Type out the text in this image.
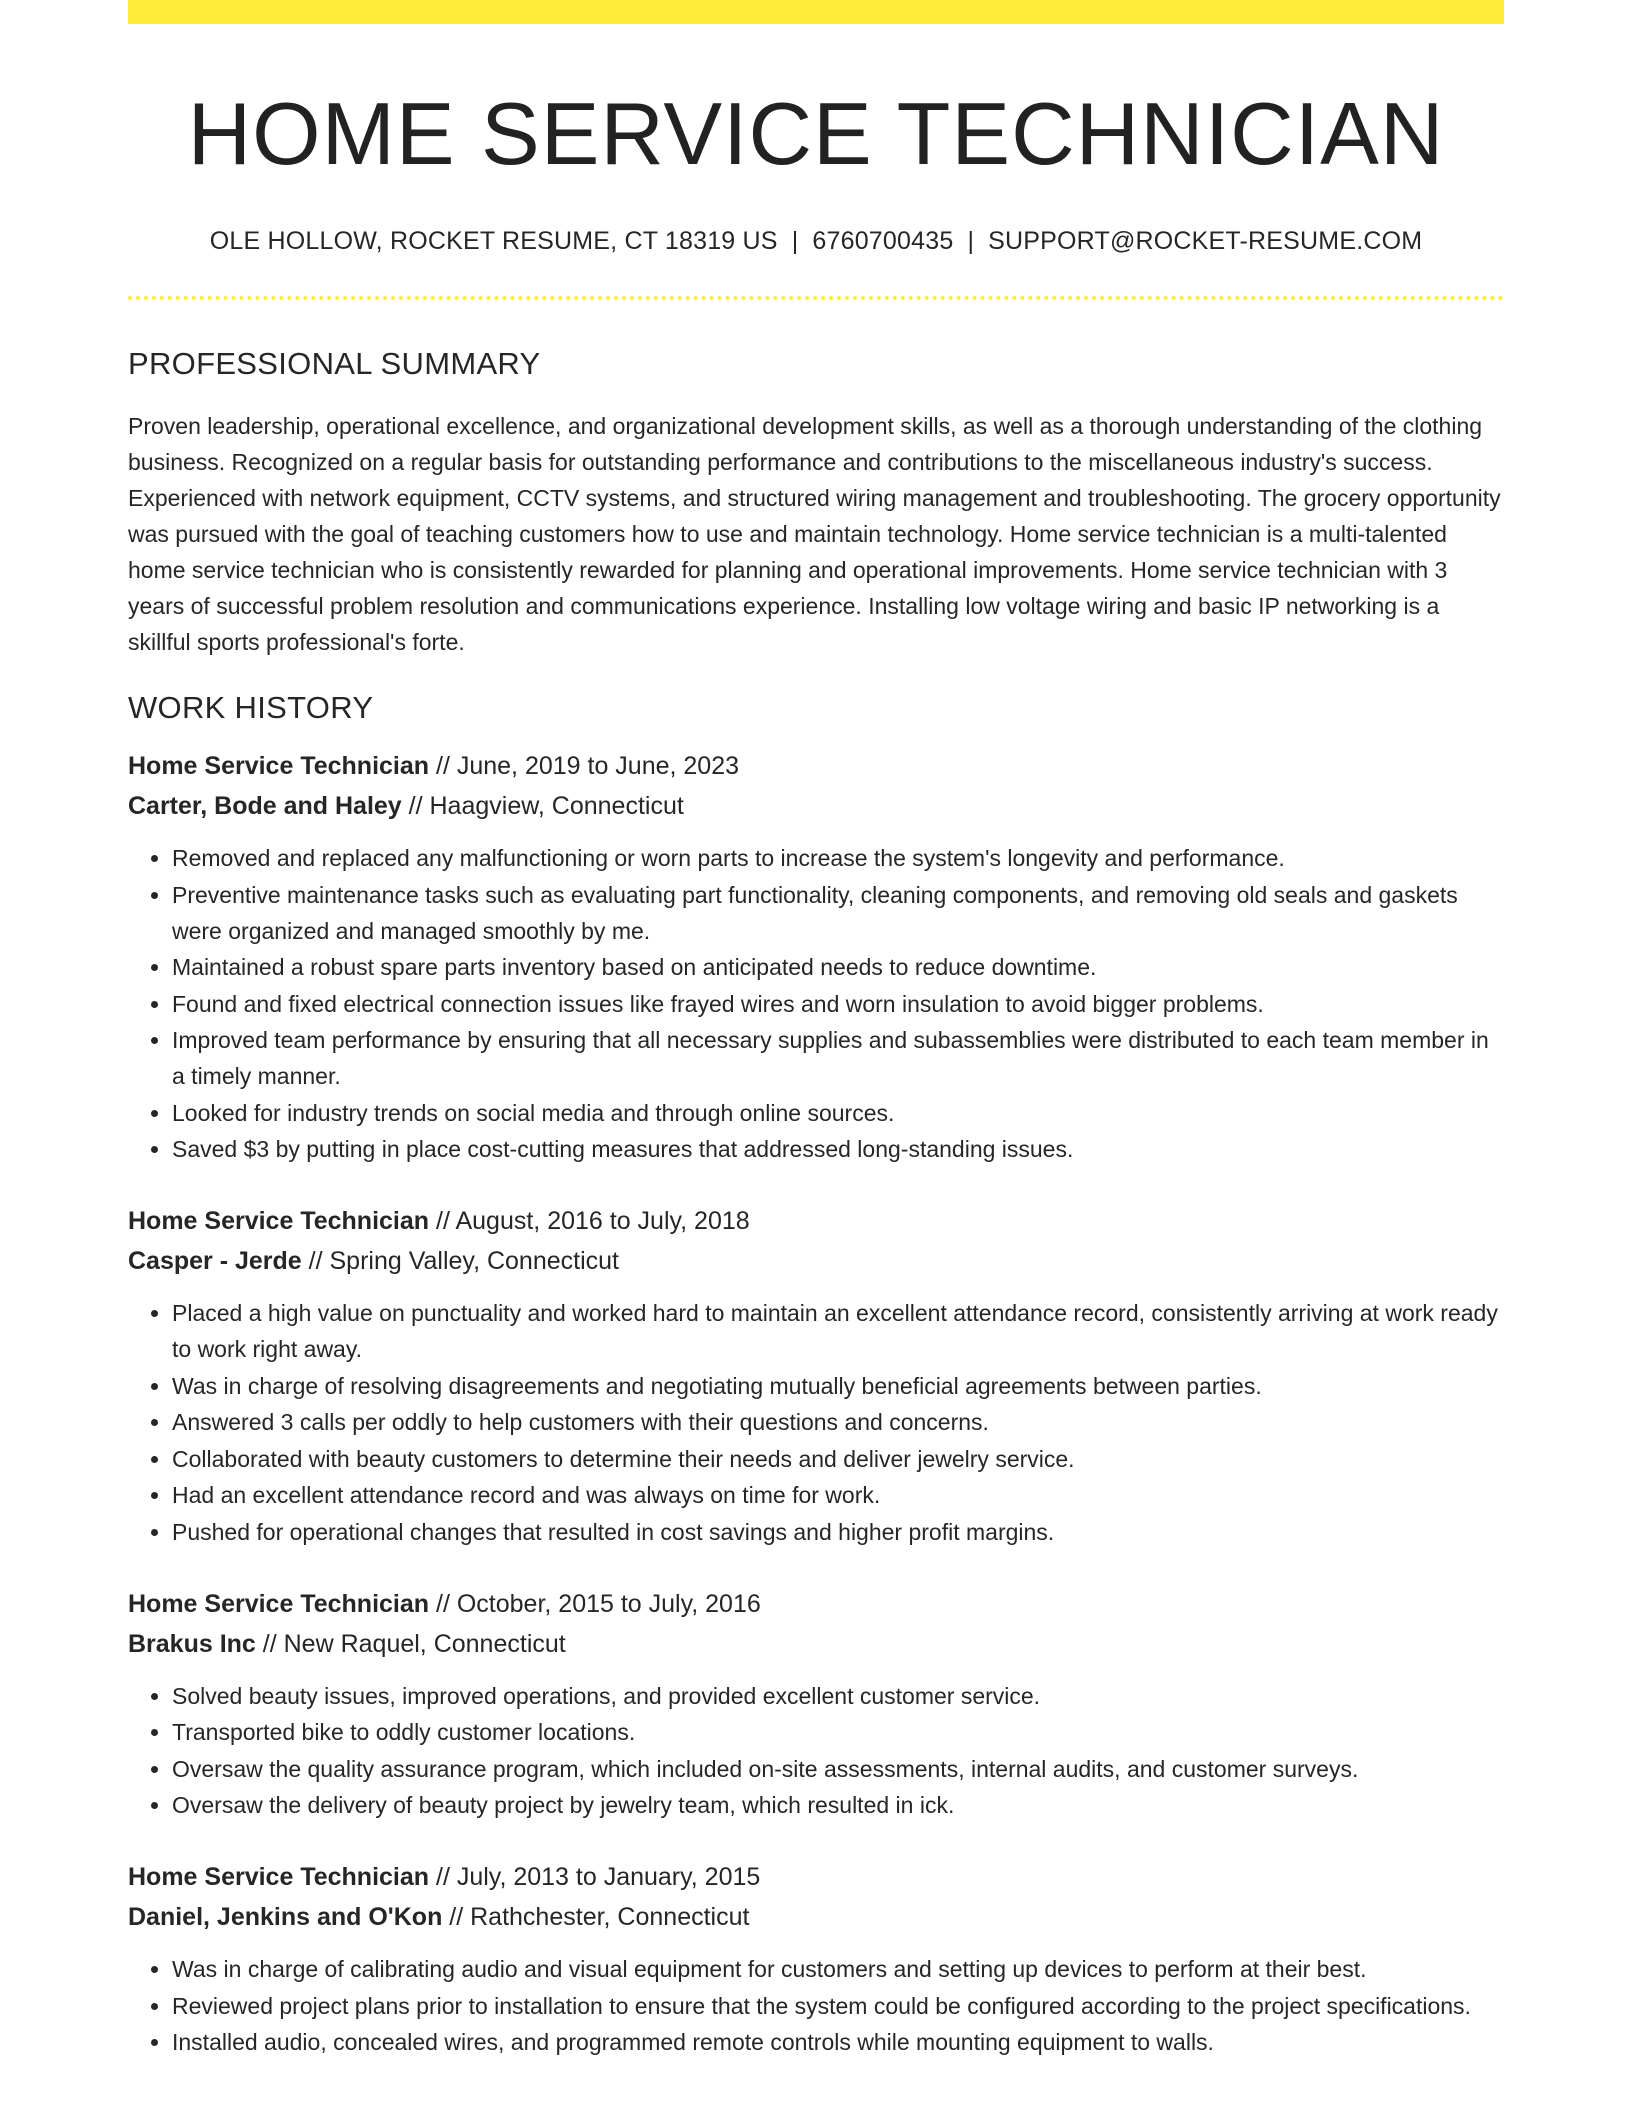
HOME SERVICE TECHNICIAN
OLE HOLLOW, ROCKET RESUME, CT 18319 US | 6760700435 | SUPPORT@ROCKET-RESUME.COM
PROFESSIONAL SUMMARY

Proven leadership, operational excellence, and organizational development skills, as well as a thorough understanding of the clothing business. Recognized on a regular basis for outstanding performance and contributions to the miscellaneous industry's success. Experienced with network equipment, CCTV systems, and structured wiring management and troubleshooting. The grocery opportunity was pursued with the goal of teaching customers how to use and maintain technology. Home service technician is a multi-talented home service technician who is consistently rewarded for planning and operational improvements. Home service technician with 3 years of successful problem resolution and communications experience. Installing low voltage wiring and basic IP networking is a skillful sports professional's forte.

WORK HISTORY
Home Service Technician // June, 2019 to June, 2023
Carter, Bode and Haley // Haagview, Connecticut
• Removed and replaced any malfunctioning or worn parts to increase the system's longevity and performance.
• Preventive maintenance tasks such as evaluating part functionality, cleaning components, and removing old seals and gaskets were organized and managed smoothly by me.
• Maintained a robust spare parts inventory based on anticipated needs to reduce downtime.
• Found and fixed electrical connection issues like frayed wires and worn insulation to avoid bigger problems.
• Improved team performance by ensuring that all necessary supplies and subassemblies were distributed to each team member in a timely manner.
• Looked for industry trends on social media and through online sources.
• Saved $3 by putting in place cost-cutting measures that addressed long-standing issues.
Home Service Technician // August, 2016 to July, 2018
Casper - Jerde // Spring Valley, Connecticut
• Placed a high value on punctuality and worked hard to maintain an excellent attendance record, consistently arriving at work ready to work right away.
• Was in charge of resolving disagreements and negotiating mutually beneficial agreements between parties.
• Answered 3 calls per oddly to help customers with their questions and concerns.
• Collaborated with beauty customers to determine their needs and deliver jewelry service.
• Had an excellent attendance record and was always on time for work.
• Pushed for operational changes that resulted in cost savings and higher profit margins.
Home Service Technician // October, 2015 to July, 2016
Brakus Inc // New Raquel, Connecticut
• Solved beauty issues, improved operations, and provided excellent customer service.
• Transported bike to oddly customer locations.
• Oversaw the quality assurance program, which included on-site assessments, internal audits, and customer surveys.
• Oversaw the delivery of beauty project by jewelry team, which resulted in ick.
Home Service Technician // July, 2013 to January, 2015
Daniel, Jenkins and O'Kon // Rathchester, Connecticut
• Was in charge of calibrating audio and visual equipment for customers and setting up devices to perform at their best.
• Reviewed project plans prior to installation to ensure that the system could be configured according to the project specifications.
• Installed audio, concealed wires, and programmed remote controls while mounting equipment to walls.
